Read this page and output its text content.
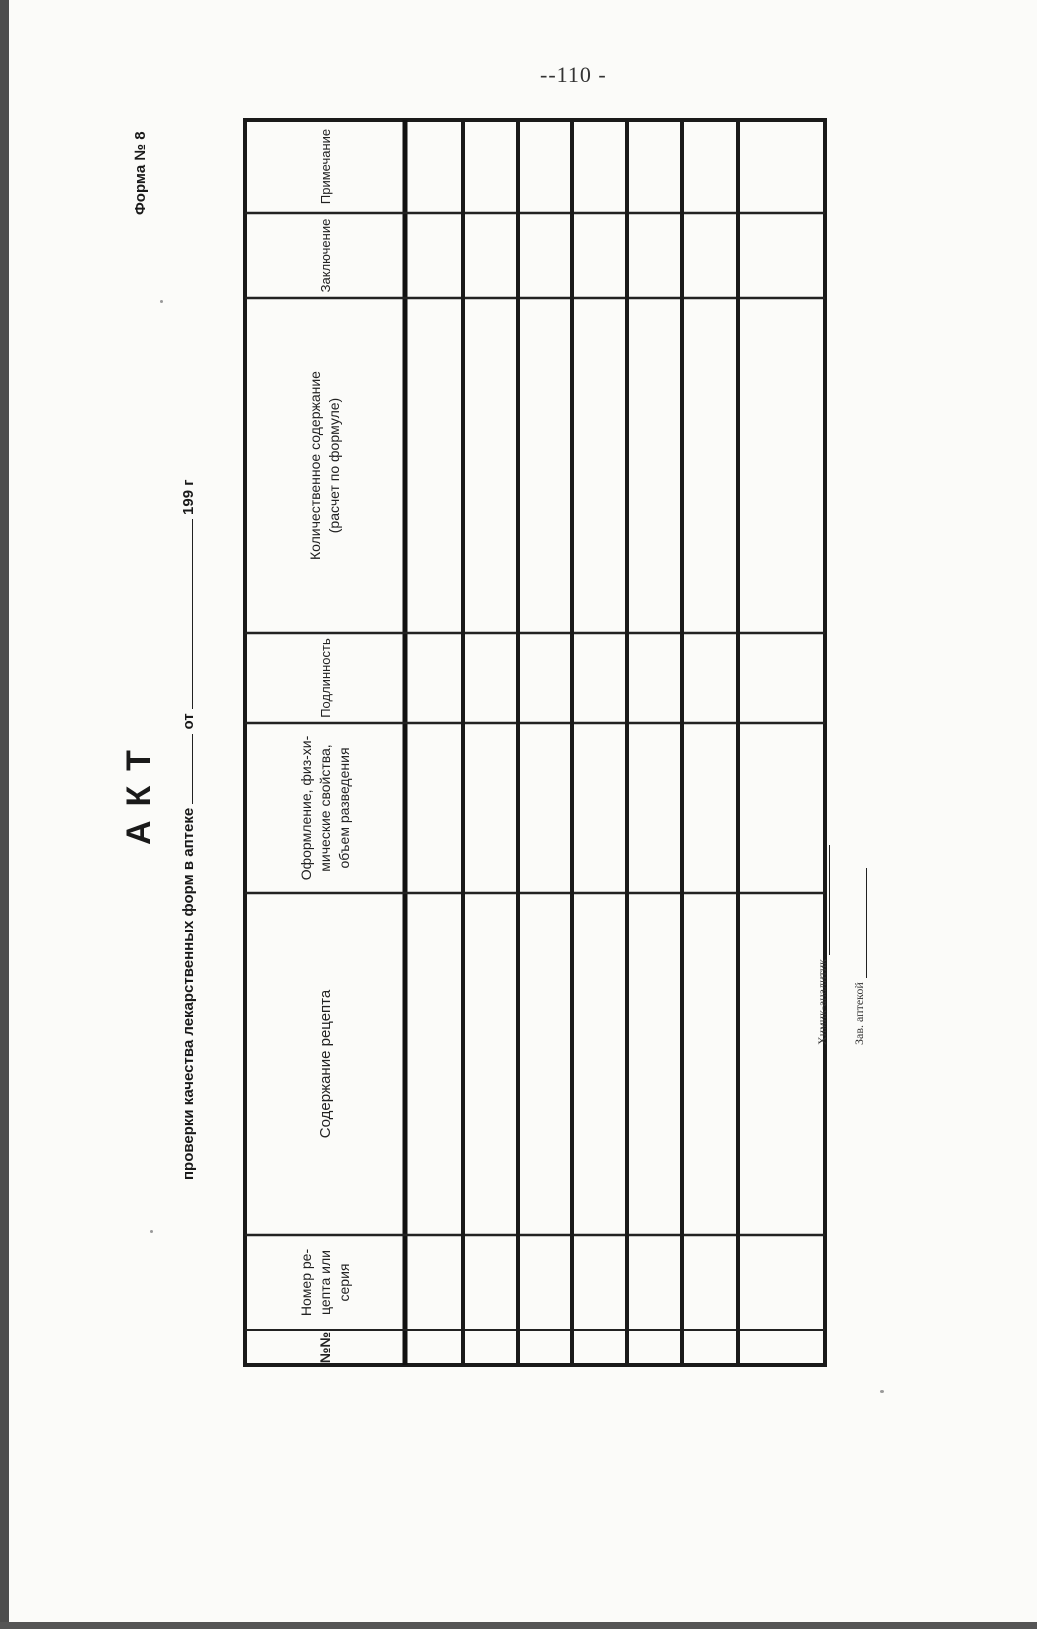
--110 -
Форма № 8
АКТ
проверки качества лекарственных форм в аптеке  от  199 г
№№
Номер ре- цепта или серия
Содержание рецепта
Оформление, физ-хи- мические свойства, объем разведения
Подлинность
Количественное содержание (расчет по формуле)
Заключение
Примечание
Химик-аналитик Зав. аптекой
